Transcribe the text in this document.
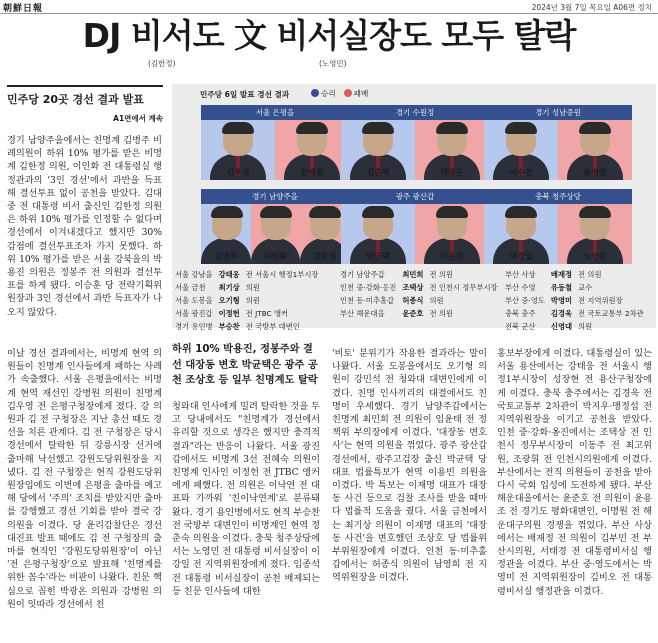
朝鮮日報	2024년 3월 7일 목요일 A06면 정치
DJ 비서도 文 비서실장도 모두 탈락
(김한정)	(노영민)
민주당 20곳 경선 결과 발표
A1면에서 계속
경기 남양주을에서는 친명계 김병주 비례의원이 하위 10% 평가를 받은 비명계 김한정 의원, 이인화 전 대통령실 행정관과의 '3인 경선'에서 과반을 득표해 결선투표 없이 공천을 받았다. 김대중 전 대통령 비서 출신인 김한정 의원은 하위 10% 평가를 인정할 수 없다며 경선에서 이겨내겠다고 했지만 30% 감점에 결선투표조차 가지 못했다. 하위 10% 평가를 받은 서울 강북을의 박용진 의원은 정봉주 전 의원과 결선투표를 하게 됐다. 이승훈 당 전략기획위원장과 3인 경선에서 과반 득표자가 나오지 않았다.
이날 경선 결과에서는, 비명계 현역 의원들이 친명계 인사들에게 패하는 사례가 속출했다. 서울 은평을에서는 비명계 현역 재선인 강병원 의원이 친명계 김우영 전 은평구청장에게 졌다. 강 의원과 김 전 구청장은 지난 총선 때도 경선을 치른 관계다. 김 전 구청장은 당시 경선에서 탈락한 뒤 강릉시장 선거에 출마해 낙선했고 강원도당위원장을 지냈다. 김 전 구청장은 현직 강원도당위원장임에도 이번에 은평을 출마를 예고해 당에서 '주의' 조치를 받았지만 출마를 강행했고 경선 기회를 받아 결국 강 의원을 이겼다. 당 윤리감찰단은 경선 대진표 발표 때에도 김 전 구청장의 출마를 현직인 '강원도당위원장'이 아닌 '전 은평구청장'으로 발표해 '친명계를 위한 꼼수'라는 비판이 나왔다. 친문 핵심으로 꼽힌 박광온 의원과 강병원 의원이 잇따라 경선에서 친
청와대 인사에게 밀려 탈락한 것을 두고 당내에서도 "친명계가 경선에서 유리할 것으로 생각은 했지만 충격적 결과"라는 반응이 나왔다. 서울 광진갑에서도 비명계 3선 전혜숙 의원이 친명계 인사인 이정헌 전 JTBC 앵커에게 패했다. 전 의원은 이낙연 전 대표와 가까워 '친이낙연계'로 분류돼 왔다. 경기 용인병에서도 현직 부승찬 전 국방부 대변인이 비명계인 현역 정춘숙 의원을 이겼다. 충북 청주상당에서는 노영민 전 대통령 비서실장이 이강일 전 지역위원장에게 졌다. 임종석 전 대통령 비서실장이 공천 배제되는 등 친문 인사들에 대한
'비토' 분위기가 작용한 결과라는 말이 나왔다. 서울 도봉을에서도 오기형 의원이 강민석 전 청와대 대변인에게 이겼다. 친명 인사끼리의 대결에서도 친명이 우세했다. 경기 남양주갑에서는 친명계 최민희 전 의원이 임윤태 전 정책위 부의장에게 이겼다. '대장동 변호사'는 현역 의원을 꺾었다. 광주 광산갑 경선에서, 광주고검장 출신 박균택 당 대표 법률특보가 현역 이용빈 의원을 이겼다. 박 특보는 이재명 대표가 대장동 사건 등으로 검찰 조사를 받을 때마다 법률적 도움을 줬다. 서울 금천에서는 최기상 의원이 이재명 대표의 '대장동 사건'을 변호했던 조상호 당 법률위 부위원장에게 이겼다. 인천 동·미추홀갑에서는 허종식 의원이 남영희 전 지역위원장을 이겼다.
홍보부장에게 이겼다. 대통령실이 있는 서울 용산에서는 강태웅 전 서울시 행정1부시장이 성장현 전 용산구청장에게 이겼다. 충북 충주에서는 김경욱 전 국토교통부 2차관이 박지우·맹정섭 전 지역위원장을 이기고 공천을 받았다. 인천 중·강화·옹진에서는 조택상 전 인천시 정무부시장이 이동주 전 최고위원, 조광휘 전 인천시의원에게 이겼다. 부산에서는 전직 의원들이 공천을 받아 다시 국회 입성에 도전하게 됐다. 부산 해운대을에서는 윤준호 전 의원이 윤용조 전 경기도 평화대변인, 이명원 전 해운대구의원 경쟁을 꺾었다. 부산 사상에서는 배재정 전 의원이 김부민 전 부산시의원, 서태경 전 대통령비서실 행정관을 이겼다. 부산 중·영도에서는 박영미 전 지역위원장이 김비오 전 대통령비서실 행정관을 이겼다.
민주당 6일 발표 경선 결과	승리	패배
서울 은평을
김우영	강병원
경기 수원정
김준혁	박광온
경기 성남중원
이수진	윤영찬
경기 남양주을
김병주	이인화	김한정
광주 광산갑
박균택	이용빈
충북 청주상당
이강일	노영민
서울 강남을	강태웅	전 서울시 행정1부시장
서울 금천	최기상	의원
서울 도봉을	오기형	의원
서울 광진갑	이정헌	전 JTBC 앵커
경기 용인병	부승찬	전 국방부 대변인
경기 남양주갑	최민희	전 의원
인천 중·강화·옹진	조택상	전 인천시 정무부시장
인천 동·미추홀갑	허종식	의원
부산 해운대을	윤준호	전 의원
부산 사상	배재정	전 의원
부산 수영	유동철	교수
부산 중·영도	박영미	전 지역위원장
충북 충주	김경욱	전 국토교통부 2차관
전북 군산	신영대	의원
하위 10% 박용진, 정봉주와 결선 대장동 변호 박균택은 광주 공천 조상호 등 일부 친명계도 탈락
